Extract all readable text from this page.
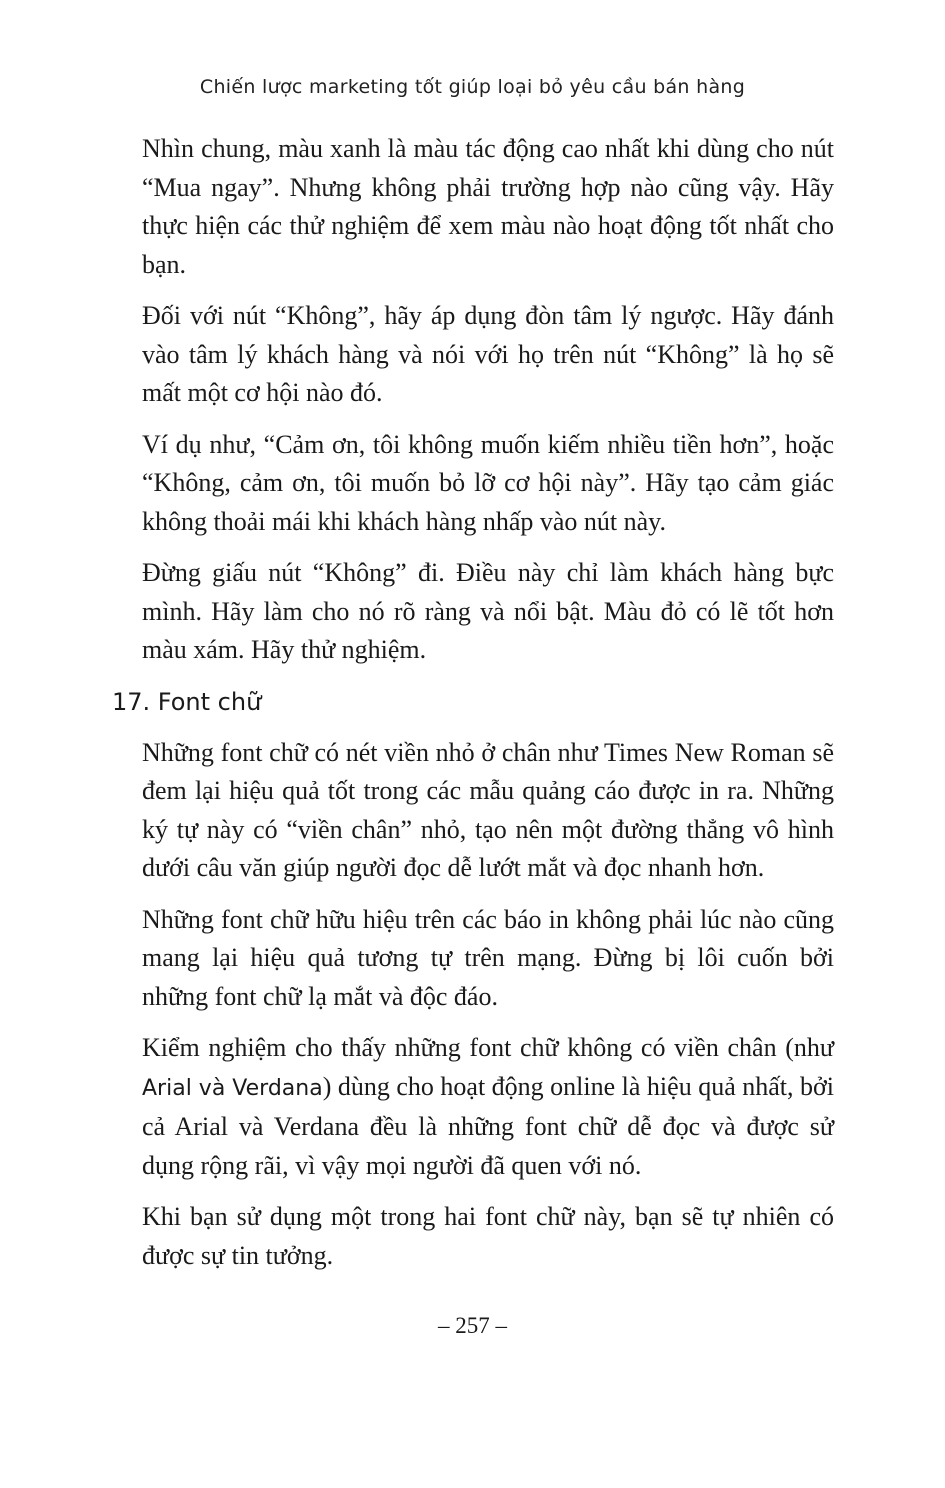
Chiến lược marketing tốt giúp loại bỏ yêu cầu bán hàng

Nhìn chung, màu xanh là màu tác động cao nhất khi dùng cho nút “Mua ngay”. Nhưng không phải trường hợp nào cũng vậy. Hãy thực hiện các thử nghiệm để xem màu nào hoạt động tốt nhất cho bạn.

Đối với nút “Không”, hãy áp dụng đòn tâm lý ngược. Hãy đánh vào tâm lý khách hàng và nói với họ trên nút “Không” là họ sẽ mất một cơ hội nào đó.

Ví dụ như, “Cảm ơn, tôi không muốn kiếm nhiều tiền hơn”, hoặc “Không, cảm ơn, tôi muốn bỏ lỡ cơ hội này”. Hãy tạo cảm giác không thoải mái khi khách hàng nhấp vào nút này.

Đừng giấu nút “Không” đi. Điều này chỉ làm khách hàng bực mình. Hãy làm cho nó rõ ràng và nổi bật. Màu đỏ có lẽ tốt hơn màu xám. Hãy thử nghiệm.

17. Font chữ

Những font chữ có nét viền nhỏ ở chân như Times New Roman sẽ đem lại hiệu quả tốt trong các mẫu quảng cáo được in ra. Những ký tự này có “viền chân” nhỏ, tạo nên một đường thẳng vô hình dưới câu văn giúp người đọc dễ lướt mắt và đọc nhanh hơn.

Những font chữ hữu hiệu trên các báo in không phải lúc nào cũng mang lại hiệu quả tương tự trên mạng. Đừng bị lôi cuốn bởi những font chữ lạ mắt và độc đáo.

Kiểm nghiệm cho thấy những font chữ không có viền chân (như Arial và Verdana) dùng cho hoạt động online là hiệu quả nhất, bởi cả Arial và Verdana đều là những font chữ dễ đọc và được sử dụng rộng rãi, vì vậy mọi người đã quen với nó.

Khi bạn sử dụng một trong hai font chữ này, bạn sẽ tự nhiên có được sự tin tưởng.

– 257 –
